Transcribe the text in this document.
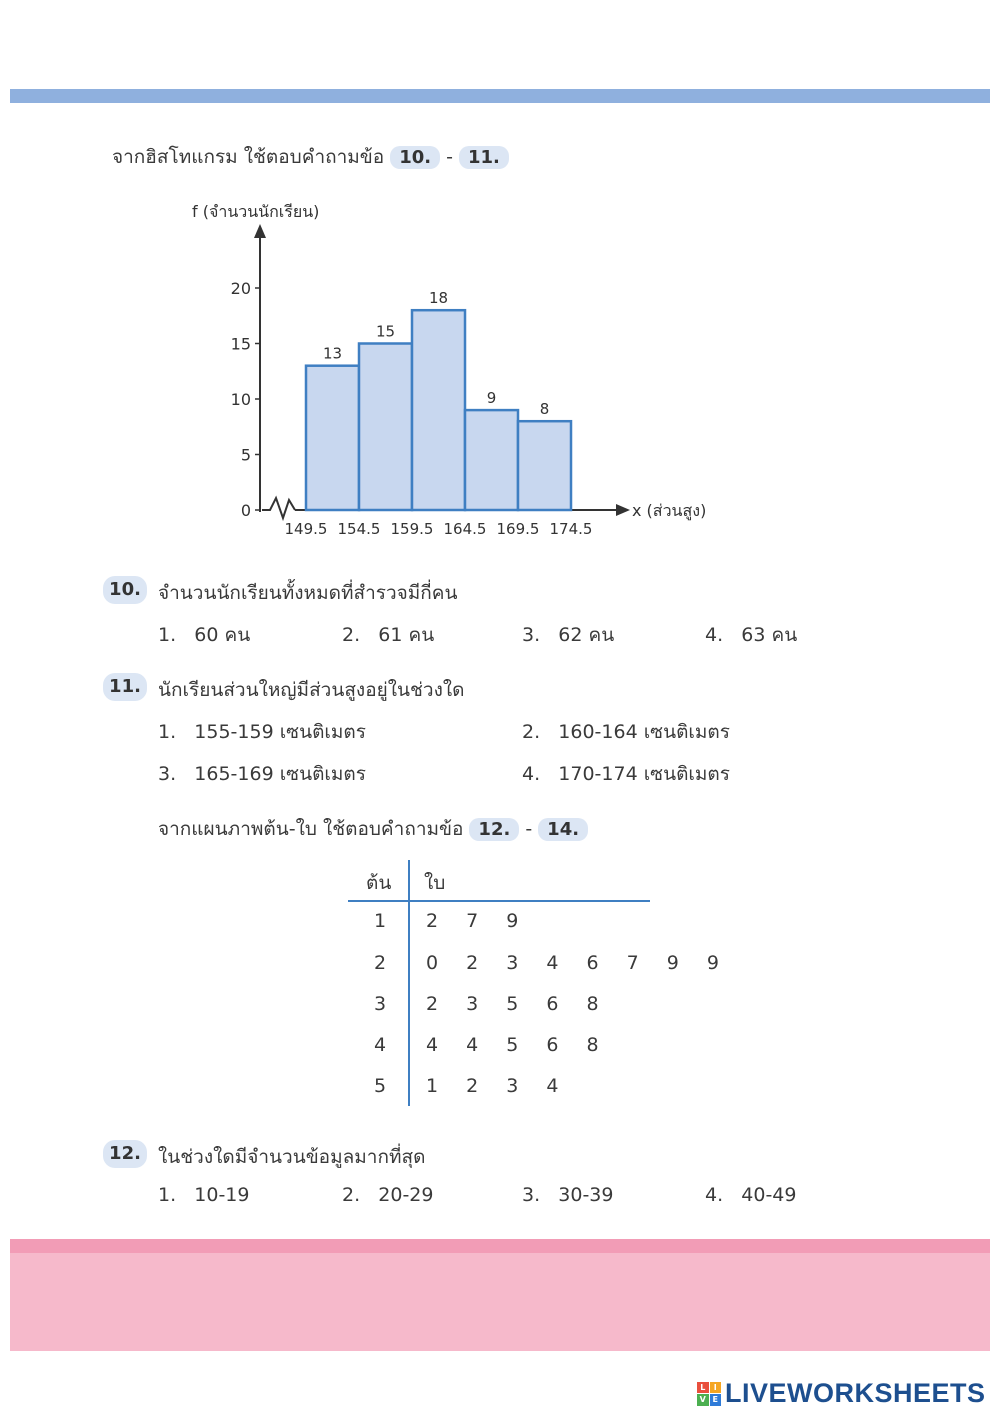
จากฮิสโทแกรม ใช้ตอบคำถามข้อ 10. - 11.
f (จำนวนนักเรียน)
x (ส่วนสูง)
0
5
10
15
20
13
15
18
9
8
149.5 154.5 159.5 164.5 169.5 174.5
10. จำนวนนักเรียนทั้งหมดที่สำรวจมีกี่คน
1. 60 คน	2. 61 คน	3. 62 คน	4. 63 คน
11. นักเรียนส่วนใหญ่มีส่วนสูงอยู่ในช่วงใด
1. 155-159 เซนติเมตร	2. 160-164 เซนติเมตร
3. 165-169 เซนติเมตร	4. 170-174 เซนติเมตร
จากแผนภาพต้น-ใบ ใช้ตอบคำถามข้อ 12. - 14.
ต้น ใบ
1 2 7 9
2 0 2 3 4 6 7 9 9
3 2 3 5 6 8
4 4 4 5 6 8
5 1 2 3 4
12. ในช่วงใดมีจำนวนข้อมูลมากที่สุด
1. 10-19	2. 20-29	3. 30-39	4. 40-49
L	I
V E LIVEWORKSHEETS
